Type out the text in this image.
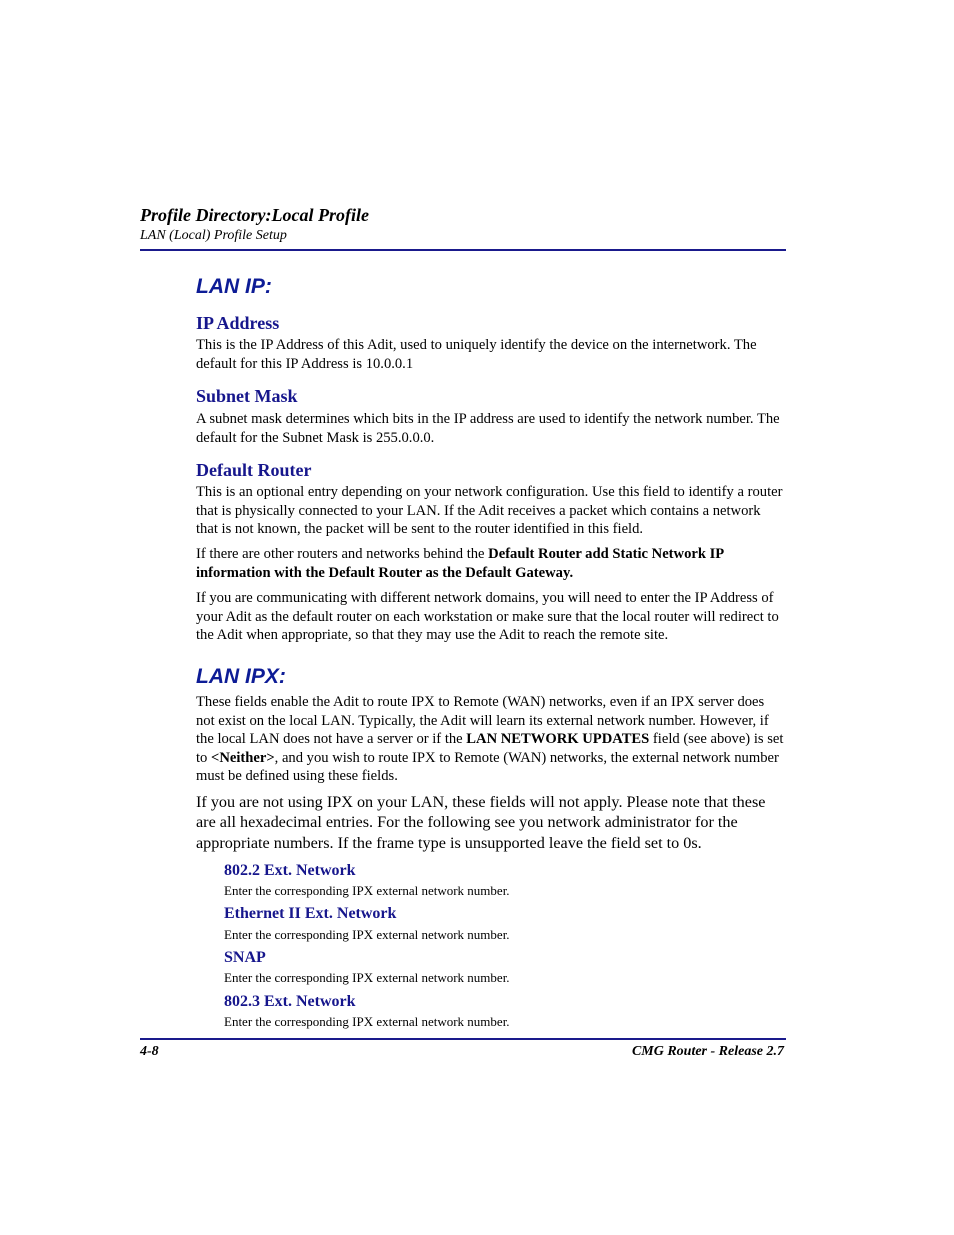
Profile Directory:Local Profile
LAN (Local) Profile Setup
LAN IP:
IP Address
This is the IP Address of this Adit, used to uniquely identify the device on the internetwork. The default for this IP Address is 10.0.0.1
Subnet Mask
A subnet mask determines which bits in the IP address are used to identify the network number. The default for the Subnet Mask is 255.0.0.0.
Default Router
This is an optional entry depending on your network configuration. Use this field to identify a router that is physically connected to your LAN. If the Adit receives a packet which contains a network that is not known, the packet will be sent to the router identified in this field.
If there are other routers and networks behind the Default Router add Static Network IP information with the Default Router as the Default Gateway.
If you are communicating with different network domains, you will need to enter the IP Address of your Adit as the default router on each workstation or make sure that the local router will redirect to the Adit when appropriate, so that they may use the Adit to reach the remote site.
LAN IPX:
These fields enable the Adit to route IPX to Remote (WAN) networks, even if an IPX server does not exist on the local LAN. Typically, the Adit will learn its external network number. However, if the local LAN does not have a server or if the LAN NETWORK UPDATES field (see above) is set to <Neither>, and you wish to route IPX to Remote (WAN) networks, the external network number must be defined using these fields.
If you are not using IPX on your LAN, these fields will not apply. Please note that these are all hexadecimal entries. For the following see you network administrator for the appropriate numbers. If the frame type is unsupported leave the field set to 0s.
802.2 Ext. Network
Enter the corresponding IPX external network number.
Ethernet II Ext. Network
Enter the corresponding IPX external network number.
SNAP
Enter the corresponding IPX external network number.
802.3 Ext. Network
Enter the corresponding IPX external network number.
4-8	CMG Router - Release 2.7
